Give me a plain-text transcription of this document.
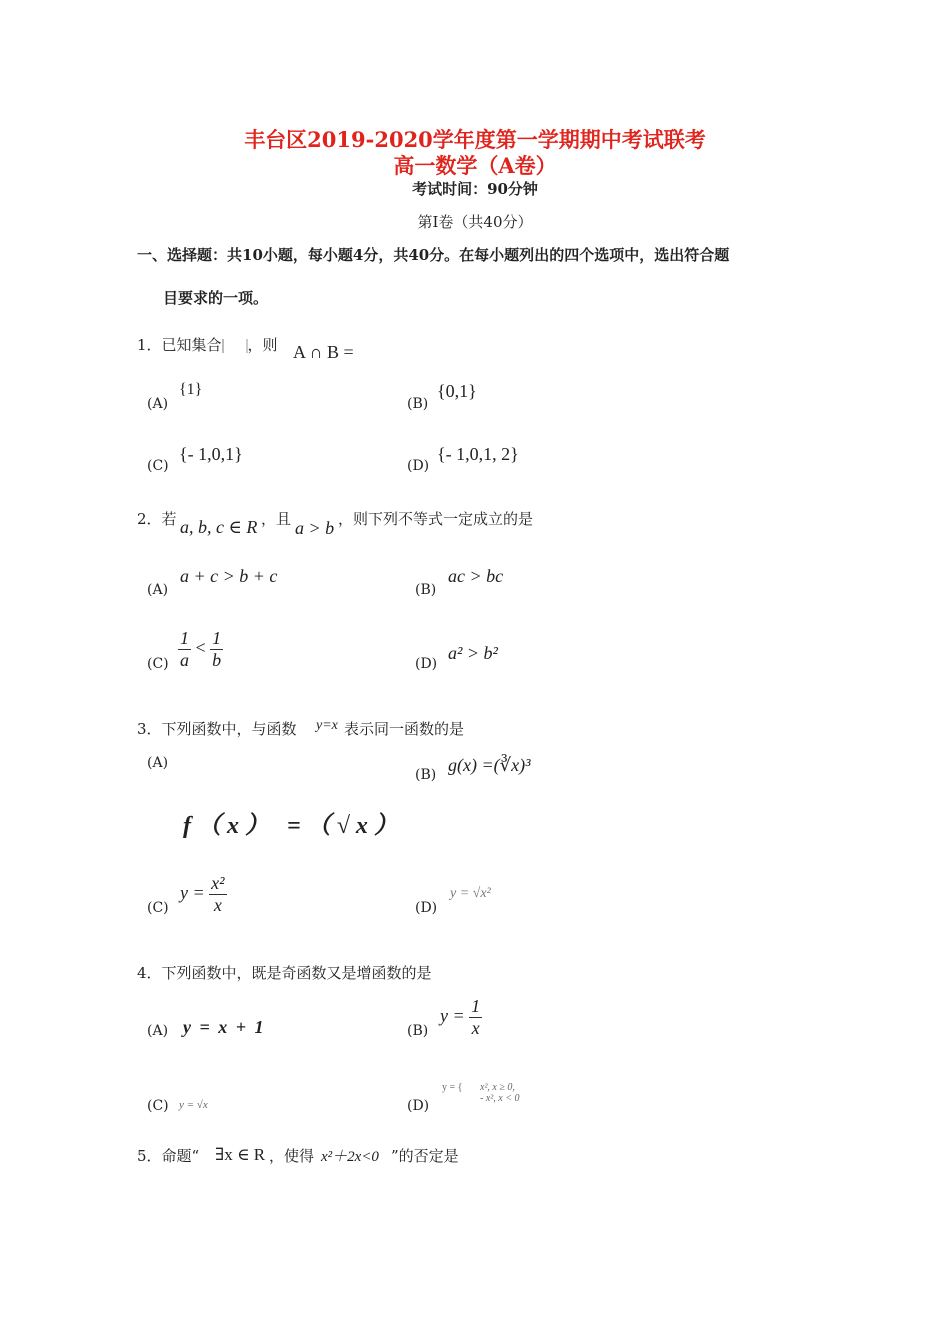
丰台区2019-2020学年度第一学期期中考试联考
高一数学（A卷）
考试时间：90分钟
第I卷（共40分）
一、选择题：共10小题，每小题4分，共40分。在每小题列出的四个选项中，选出符合题
目要求的一项。
1．已知集合 ，则 A ∩ B =
(A)
{1}
(B)
{0,1}
(C)
{- 1,0,1}
(D)
{- 1,0,1, 2}
2．若 a, b, c ∈ R ，且 a > b ，则下列不等式一定成立的是
(A)
a + c > b + c
(B)
ac > bc
$(C) \frac{1}{a} < \frac{1}{b}$	(D)
a² > b²
3．下列函数中，与函数 y=x 表示同一函数的是
(A)
(B) g(x) =(∛x)³
f（x） =（√x）
(C)
$y = \frac{\text{x²}}{x}$	(D)
y = √x²
4．下列函数中，既是奇函数又是增函数的是
(A) y = x + 1	(B)
$y = \frac{1}{x}$
(C) y = √x	(D)
y = { x², x ≥ 0,
- x², x < 0
5．命题“ ∃x ∈ R ，使得 x²＋2x<0 ”的否定是
